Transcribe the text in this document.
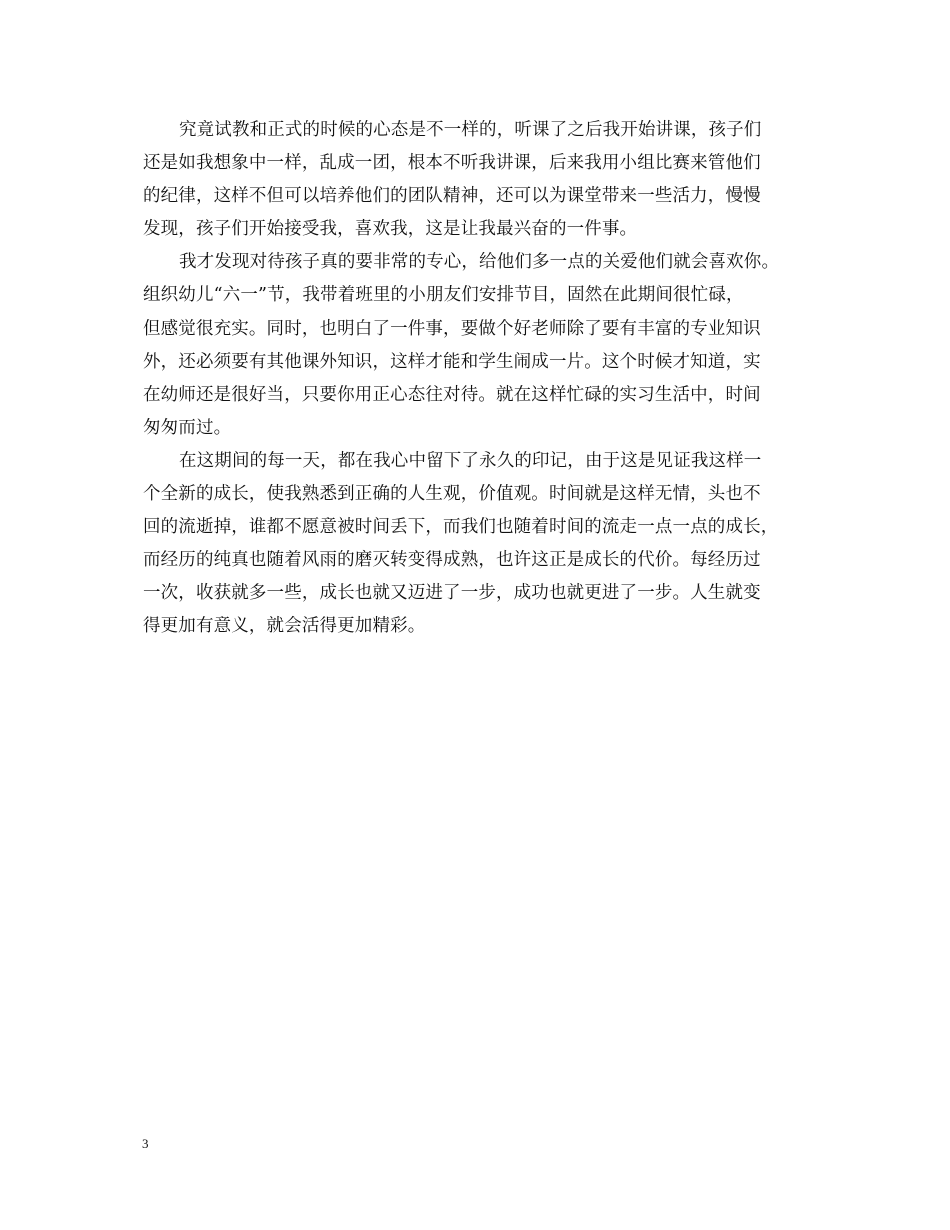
究竟试教和正式的时候的心态是不一样的，听课了之后我开始讲课，孩子们
还是如我想象中一样，乱成一团，根本不听我讲课，后来我用小组比赛来管他们
的纪律，这样不但可以培养他们的团队精神，还可以为课堂带来一些活力，慢慢
发现，孩子们开始接受我，喜欢我，这是让我最兴奋的一件事。
我才发现对待孩子真的要非常的专心，给他们多一点的关爱他们就会喜欢你。
组织幼儿“六一”节，我带着班里的小朋友们安排节目，固然在此期间很忙碌，
但感觉很充实。同时，也明白了一件事，要做个好老师除了要有丰富的专业知识
外，还必须要有其他课外知识，这样才能和学生闹成一片。这个时候才知道，实
在幼师还是很好当，只要你用正心态往对待。就在这样忙碌的实习生活中，时间
匆匆而过。
在这期间的每一天，都在我心中留下了永久的印记，由于这是见证我这样一
个全新的成长，使我熟悉到正确的人生观，价值观。时间就是这样无情，头也不
回的流逝掉，谁都不愿意被时间丢下，而我们也随着时间的流走一点一点的成长，
而经历的纯真也随着风雨的磨灭转变得成熟，也许这正是成长的代价。每经历过
一次，收获就多一些，成长也就又迈进了一步，成功也就更进了一步。人生就变
得更加有意义，就会活得更加精彩。
3
